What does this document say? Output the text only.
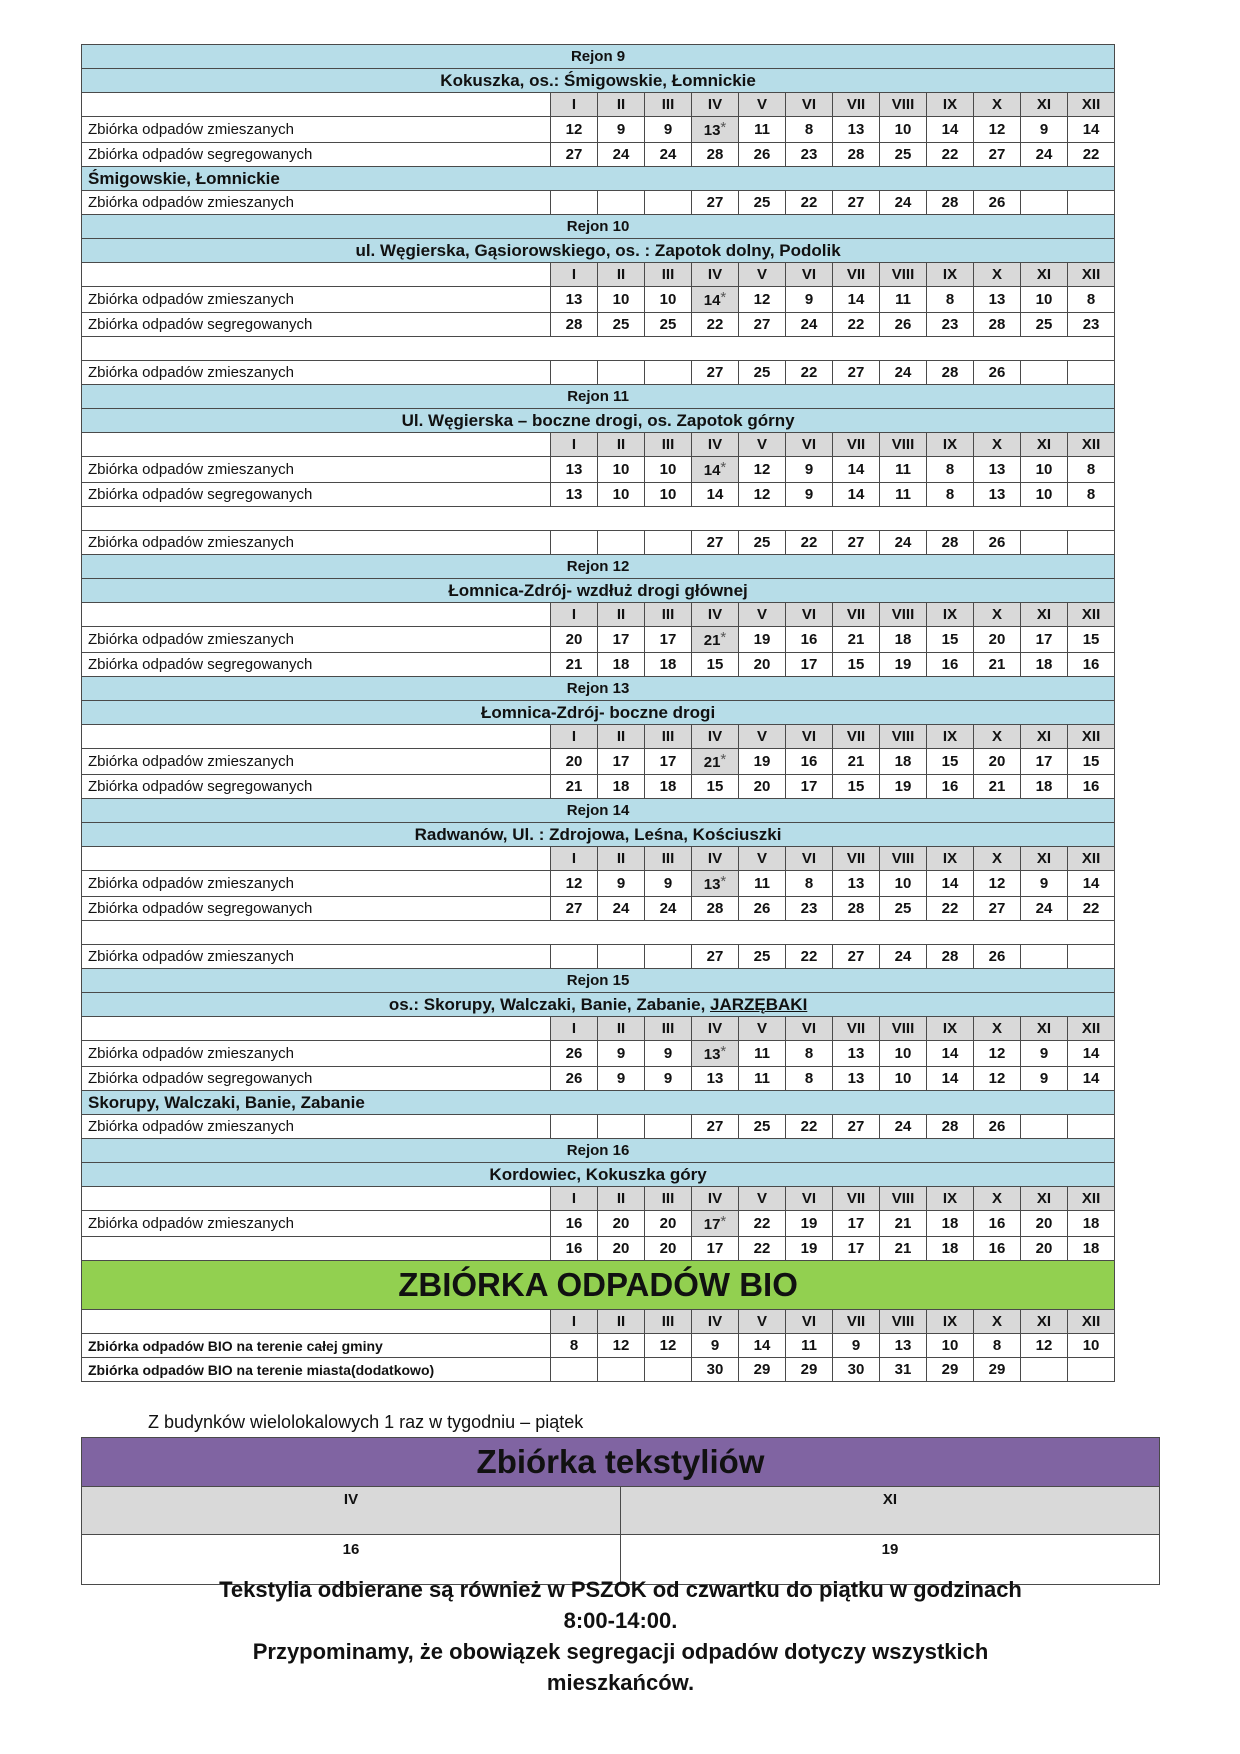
Rejon 9												
Kokuszka, os.: Śmigowskie, Łomnickie												
	I	II	III	IV	V	VI	VII	VIII	IX	X	XI	XII
Zbiórka odpadów zmieszanych	12	9	9	13*	11	8	13	10	14	12	9	14
Zbiórka odpadów segregowanych	27	24	24	28	26	23	28	25	22	27	24	22
Śmigowskie, Łomnickie												
Zbiórka odpadów zmieszanych				27	25	22	27	24	28	26		
Rejon 10												
ul. Węgierska, Gąsiorowskiego, os. : Zapotok dolny, Podolik												
	I	II	III	IV	V	VI	VII	VIII	IX	X	XI	XII
Zbiórka odpadów zmieszanych	13	10	10	14*	12	9	14	11	8	13	10	8
Zbiórka odpadów segregowanych	28	25	25	22	27	24	22	26	23	28	25	23

Zbiórka odpadów zmieszanych				27	25	22	27	24	28	26		
Rejon 11												
Ul. Węgierska – boczne drogi, os. Zapotok górny												
	I	II	III	IV	V	VI	VII	VIII	IX	X	XI	XII
Zbiórka odpadów zmieszanych	13	10	10	14*	12	9	14	11	8	13	10	8
Zbiórka odpadów segregowanych	13	10	10	14	12	9	14	11	8	13	10	8

Zbiórka odpadów zmieszanych				27	25	22	27	24	28	26		
Rejon 12												
Łomnica-Zdrój- wzdłuż drogi głównej												
	I	II	III	IV	V	VI	VII	VIII	IX	X	XI	XII
Zbiórka odpadów zmieszanych	20	17	17	21*	19	16	21	18	15	20	17	15
Zbiórka odpadów segregowanych	21	18	18	15	20	17	15	19	16	21	18	16
Rejon 13												
Łomnica-Zdrój- boczne drogi												
	I	II	III	IV	V	VI	VII	VIII	IX	X	XI	XII
Zbiórka odpadów zmieszanych	20	17	17	21*	19	16	21	18	15	20	17	15
Zbiórka odpadów segregowanych	21	18	18	15	20	17	15	19	16	21	18	16
Rejon 14												
Radwanów, Ul. : Zdrojowa, Leśna, Kościuszki												
	I	II	III	IV	V	VI	VII	VIII	IX	X	XI	XII
Zbiórka odpadów zmieszanych	12	9	9	13*	11	8	13	10	14	12	9	14
Zbiórka odpadów segregowanych	27	24	24	28	26	23	28	25	22	27	24	22

Zbiórka odpadów zmieszanych				27	25	22	27	24	28	26		
Rejon 15												
os.: Skorupy, Walczaki, Banie, Zabanie, JARZĘBAKI												
	I	II	III	IV	V	VI	VII	VIII	IX	X	XI	XII
Zbiórka odpadów zmieszanych	26	9	9	13*	11	8	13	10	14	12	9	14
Zbiórka odpadów segregowanych	26	9	9	13	11	8	13	10	14	12	9	14
Skorupy, Walczaki, Banie, Zabanie												
Zbiórka odpadów zmieszanych				27	25	22	27	24	28	26		
Rejon 16												
Kordowiec, Kokuszka góry												
	I	II	III	IV	V	VI	VII	VIII	IX	X	XI	XII
Zbiórka odpadów zmieszanych	16	20	20	17*	22	19	17	21	18	16	20	18
	16	20	20	17	22	19	17	21	18	16	20	18
ZBIÓRKA ODPADÓW BIO												
	I	II	III	IV	V	VI	VII	VIII	IX	X	XI	XII
Zbiórka odpadów BIO na terenie całej gminy	8	12	12	9	14	11	9	13	10	8	12	10
Zbiórka odpadów BIO na terenie miasta(dodatkowo)				30	29	29	30	31	29	29		
Z budynków wielolokalowych 1 raz w tygodniu – piątek
Zbiórka tekstyliów	
IV	XI
16	19

Tekstylia odbierane są również w PSZOK od czwartku do piątku w godzinach

8:00-14:00.

Przypominamy, że obowiązek segregacji odpadów dotyczy wszystkich

mieszkańców.
